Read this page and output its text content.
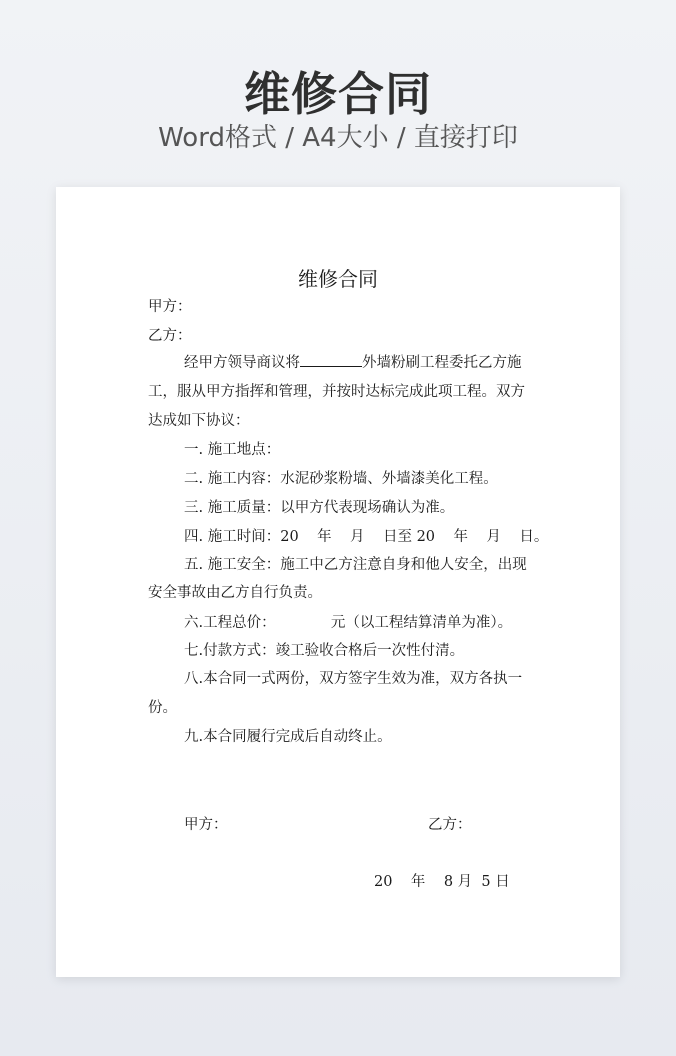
维修合同
Word格式 / A4大小 / 直接打印
维修合同
甲方：
乙方：
经甲方领导商议将	外墙粉刷工程委托乙方施
工，服从甲方指挥和管理，并按时达标完成此项工程。双方
达成如下协议：
一. 施工地点：
二. 施工内容：水泥砂浆粉墙、外墙漆美化工程。
三. 施工质量：以甲方代表现场确认为准。
四. 施工时间：20    年    月    日至 20    年    月    日。
五. 施工安全：施工中乙方注意自身和他人安全，出现
安全事故由乙方自行负责。
六.工程总价：            元（以工程结算清单为准）。
七.付款方式：竣工验收合格后一次性付清。
八.本合同一式两份，双方签字生效为准，双方各执一
份。
九.本合同履行完成后自动终止。
甲方：	乙方：
20    年    8 月  5 日
